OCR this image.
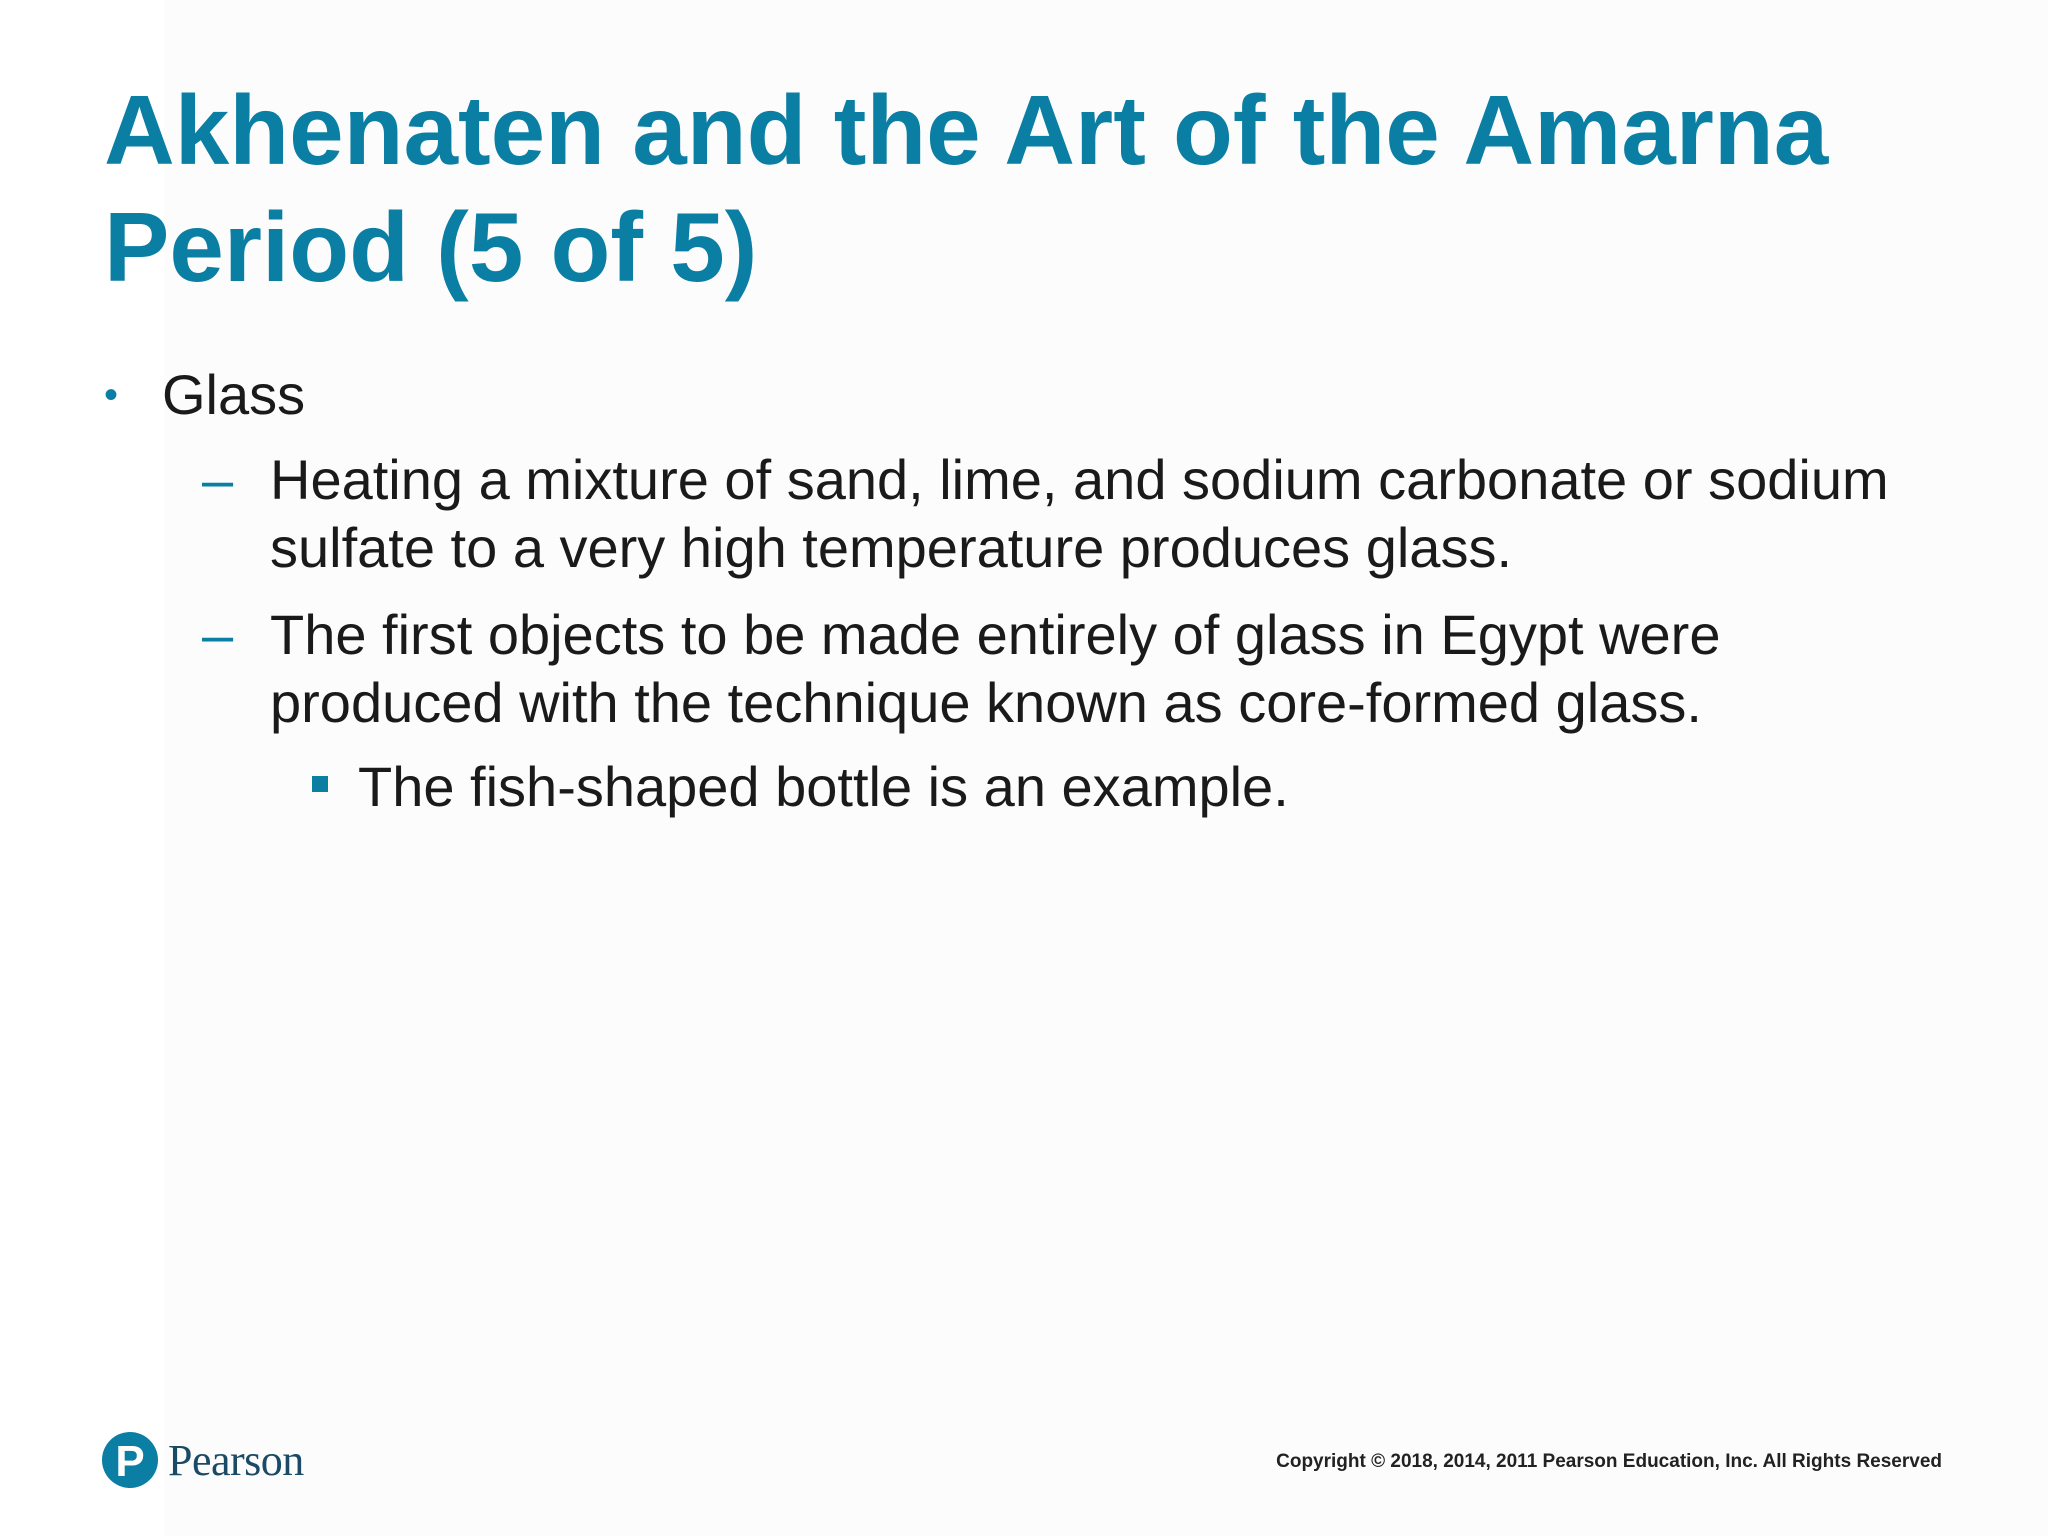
Akhenaten and the Art of the Amarna Period (5 of 5)
• Glass
– Heating a mixture of sand, lime, and sodium carbonate or sodium sulfate to a very high temperature produces glass.
– The first objects to be made entirely of glass in Egypt were produced with the technique known as core-formed glass.
The fish-shaped bottle is an example.
P Pearson	Copyright © 2018, 2014, 2011 Pearson Education, Inc. All Rights Reserved
